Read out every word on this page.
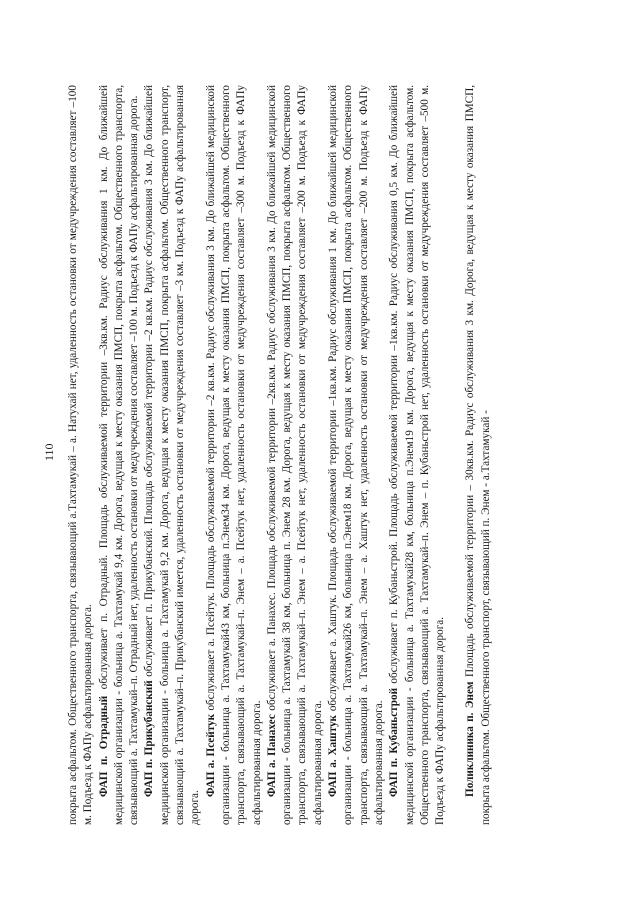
110 покрыта асфальтом. Общественного транспорта, связывающий а.Тахтамукай – а. Натухай нет, удаленность остановки от медучреждения составляет –100 м. Подъезд к ФАПу асфальтированная дорога. ФАП п. Отрадный обслуживает п. Отрадный. Площадь обслуживаемой территории –3кв.км. Радиус обслуживания 1 км. До ближайшей медицинской организации - больница а. Тахтамукай 9,4 км. Дорога, ведущая к месту оказания ПМСП, покрыта асфальтом. Общественного транспорта, связывающий а. Тахтамукай–п. Отрадный нет, удаленность остановки от медучреждения составляет –100 м. Подъезд к ФАПу асфальтированная дорога. ФАП п. Прикубанский обслуживает п. Прикубанский. Площадь обслуживаемой территории –2 кв.км. Радиус обслуживания 3 км. До ближайшей медицинской организации - больница а. Тахтамукай 9,2 км. Дорога, ведущая к месту оказания ПМСП, покрыта асфальтом. Общественного транспорт, связывающий а. Тахтамукай–п. Прикубанский имеется, удаленность остановки от медучреждения составляет –3 км. Подъезд к ФАПу асфальтированная дорога.

ФАП а. Псейтук обслуживает а. Псейтук. Площадь обслуживаемой территории –2 кв.км. Радиус обслуживания 3 км. До ближайшей медицинской организации - больница а. Тахтамукай43 км, больница п.Энем34 км. Дорога, ведущая к месту оказания ПМСП, покрыта асфальтом. Общественного транспорта, связывающий а. Тахтамукай–п. Энем – а. Псейтук нет, удаленность остановки от медучреждения составляет –300 м. Подъезд к ФАПу асфальтированная дорога. ФАП а. Панахес обслуживает а. Панахес. Площадь обслуживаемой территории –2кв.км. Радиус обслуживания 3 км. До ближайшей медицинской организации - больница а. Тахтамукай 38 км, больница п. Энем 28 км. Дорога, ведущая к месту оказания ПМСП, покрыта асфальтом. Общественного транспорта, связывающий а. Тахтамукай–п. Энем – а. Псейтук нет, удаленность остановки от медучреждения составляет –200 м. Подъезд к ФАПу асфальтированная дорога. ФАП а. Хаштук обслуживает а. Хаштук. Площадь обслуживаемой территории –1кв.км. Радиус обслуживания 1 км. До ближайшей медицинской организации - больница а. Тахтамукай26 км, больница п.Энем18 км. Дорога, ведущая к месту оказания ПМСП, покрыта асфальтом. Общественного транспорта, связывающий а. Тахтамукай–п. Энем – а. Хаштук нет, удаленность остановки от медучреждения составляет –200 м. Подъезд к ФАПу асфальтированная дорога. ФАП п. Кубаньстрой обслуживает п. Кубаньстрой. Площадь обслуживаемой территории –1кв.км. Радиус обслуживания 0,5 км. До ближайшей медицинской организации - больница а. Тахтамукай28 км, больница п.Энем19 км. Дорога, ведущая к месту оказания ПМСП, покрыта асфальтом. Общественного транспорта, связывающий а. Тахтамукай–п. Энем – п. Кубаньстрой нет, удаленность остановки от медучреждения составляет –500 м. Подъезд к ФАПу асфальтированная дорога. Поликлиника п. Энем Площадь обслуживаемой территории – 30кв.км. Радиус обслуживания 3 км. Дорога, ведущая к месту оказания ПМСП, покрыта асфальтом. Общественного транспорт, связывающий п. Энем - а.Тахтамукай -
